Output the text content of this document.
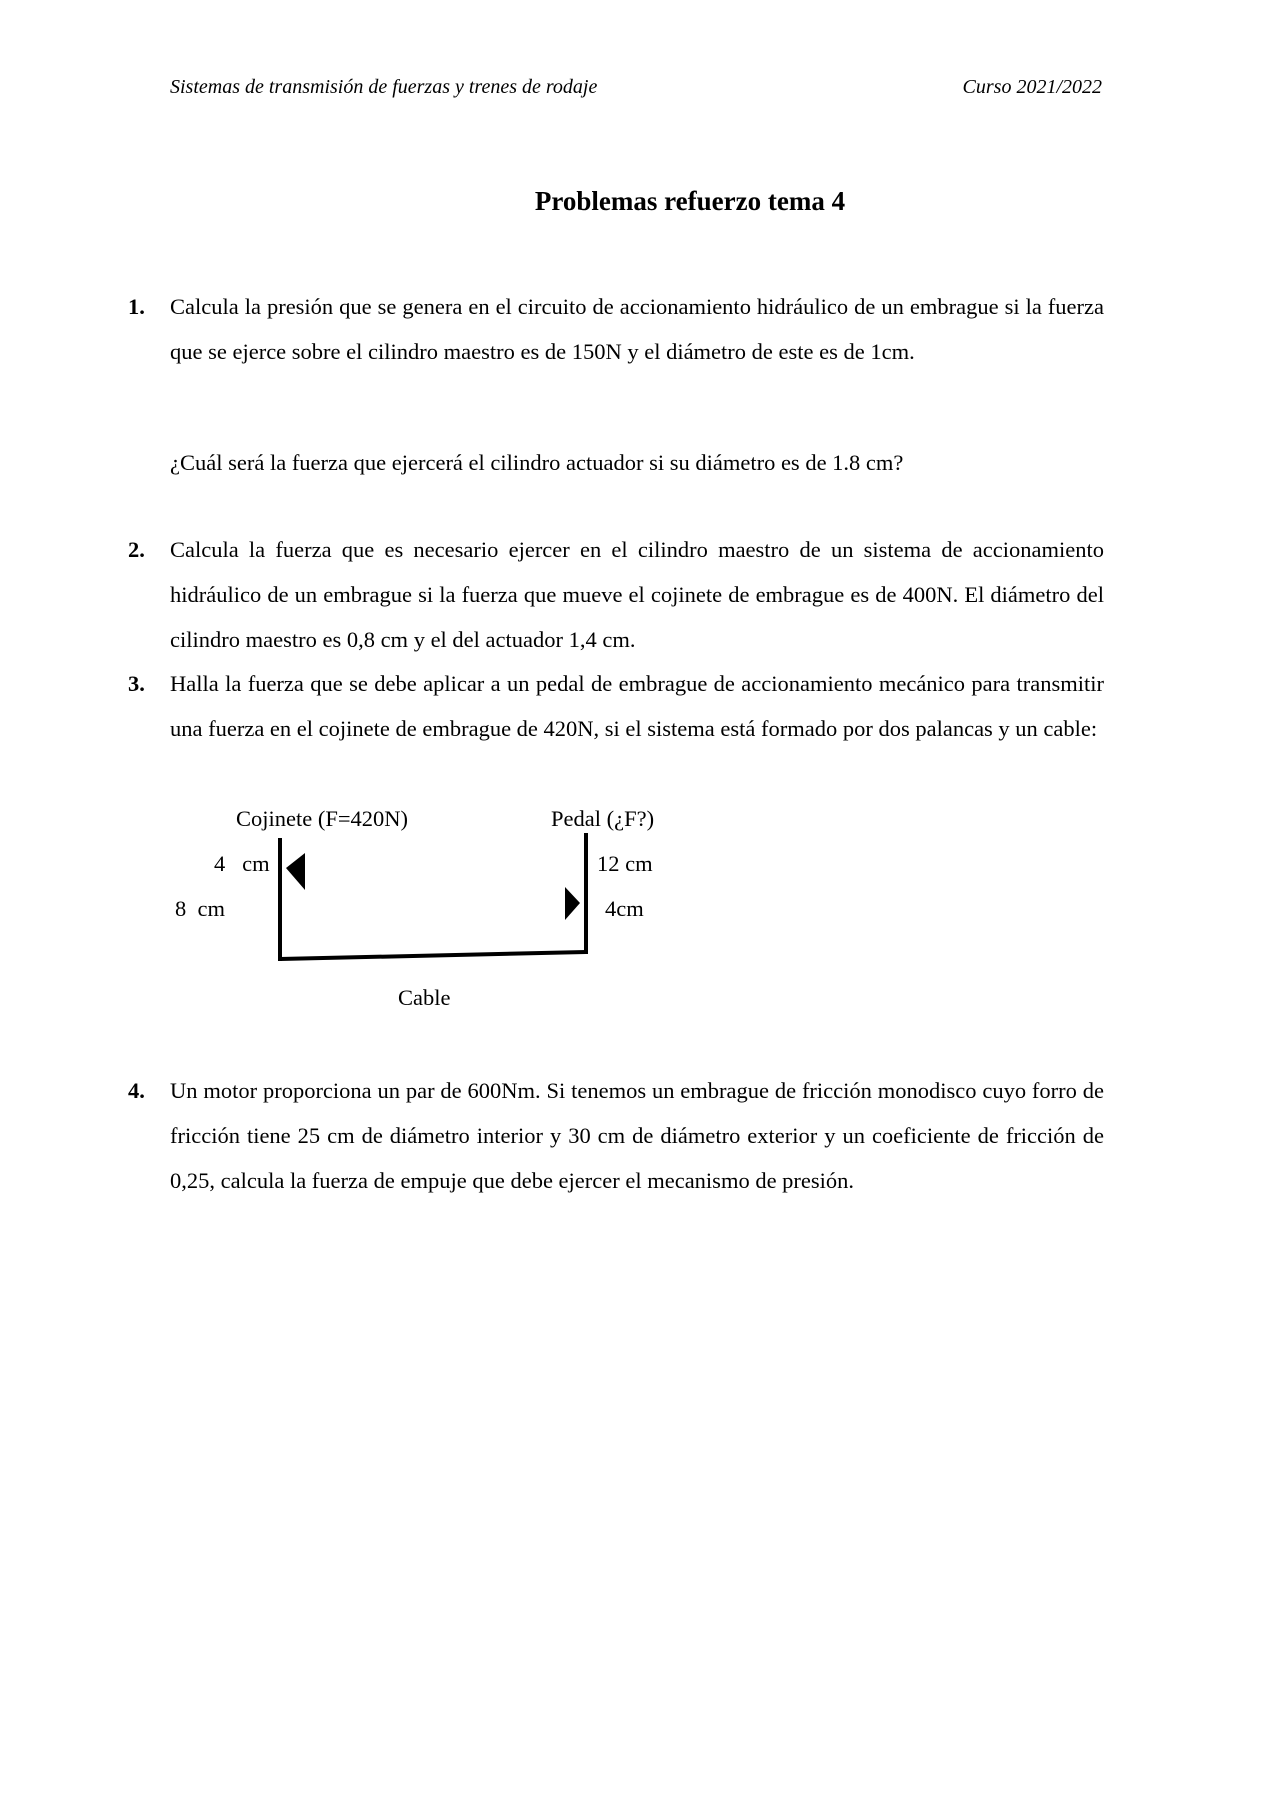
Sistemas de transmisión de fuerzas y trenes de rodaje	Curso 2021/2022
Problemas refuerzo tema 4
1. Calcula la presión que se genera en el circuito de accionamiento hidráulico de un embrague si la fuerza que se ejerce sobre el cilindro maestro es de 150N y el diámetro de este es de 1cm.
¿Cuál será la fuerza que ejercerá el cilindro actuador si su diámetro es de 1.8 cm?
2. Calcula la fuerza que es necesario ejercer en el cilindro maestro de un sistema de accionamiento hidráulico de un embrague si la fuerza que mueve el cojinete de embrague es de 400N. El diámetro del cilindro maestro es 0,8 cm y el del actuador 1,4 cm.
3. Halla la fuerza que se debe aplicar a un pedal de embrague de accionamiento mecánico para transmitir una fuerza en el cojinete de embrague de 420N, si el sistema está formado por dos palancas y un cable:
Cojinete (F=420N)	Pedal (¿F?)
4   cm
8  cm
12 cm
4cm
Cable
4. Un motor proporciona un par de 600Nm. Si tenemos un embrague de fricción monodisco cuyo forro de fricción tiene 25 cm de diámetro interior y 30 cm de diámetro exterior y un coeficiente de fricción de 0,25, calcula la fuerza de empuje que debe ejercer el mecanismo de presión.
